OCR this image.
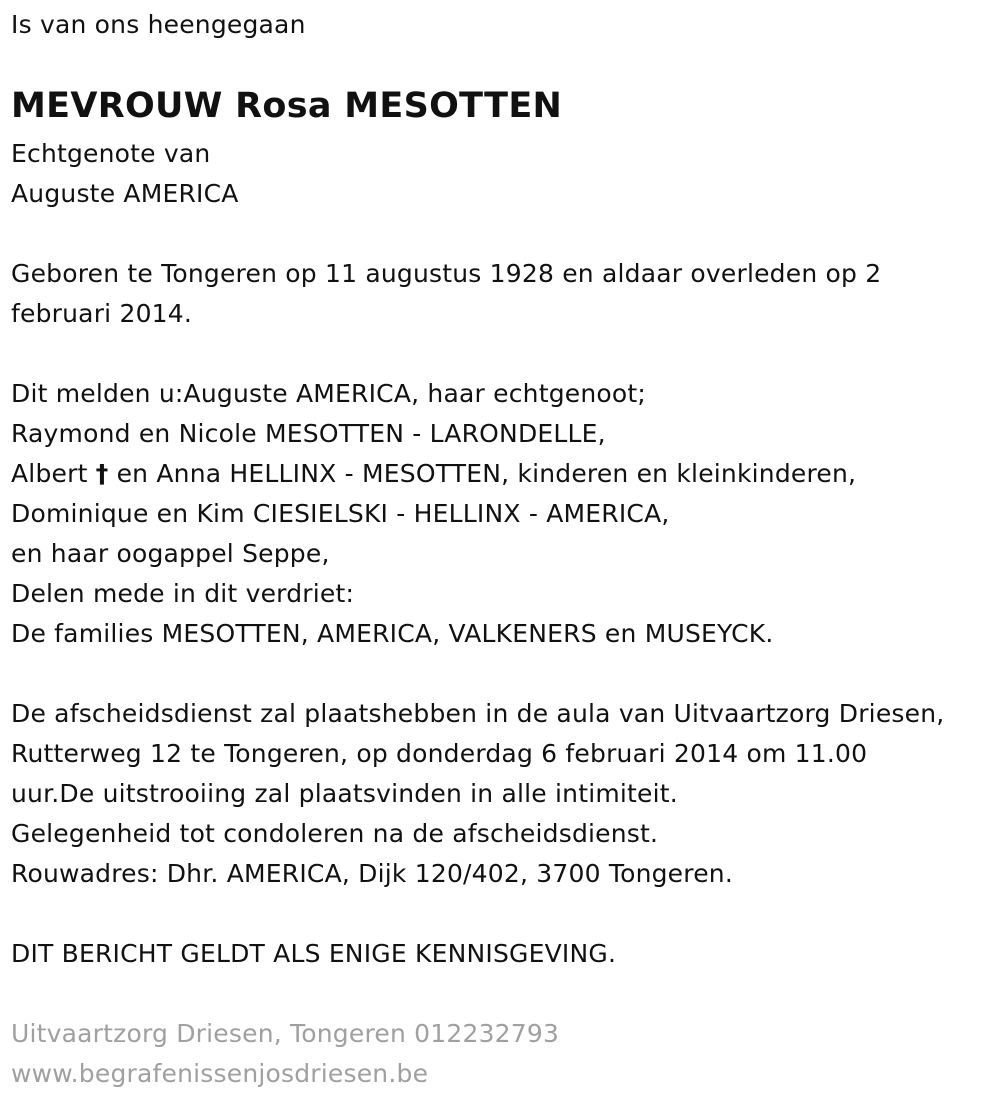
Is van ons heengegaan
MEVROUW Rosa MESOTTEN
Echtgenote van
Auguste AMERICA
Geboren te Tongeren op 11 augustus 1928 en aldaar overleden op 2
februari 2014.
Dit melden u:Auguste AMERICA, haar echtgenoot;
Raymond en Nicole MESOTTEN - LARONDELLE,
Albert † en Anna HELLINX - MESOTTEN, kinderen en kleinkinderen,
Dominique en Kim CIESIELSKI - HELLINX - AMERICA,
en haar oogappel Seppe,
Delen mede in dit verdriet:
De families MESOTTEN, AMERICA, VALKENERS en MUSEYCK.
De afscheidsdienst zal plaatshebben in de aula van Uitvaartzorg Driesen,
Rutterweg 12 te Tongeren, op donderdag 6 februari 2014 om 11.00
uur.De uitstrooiing zal plaatsvinden in alle intimiteit.
Gelegenheid tot condoleren na de afscheidsdienst.
Rouwadres: Dhr. AMERICA, Dijk 120/402, 3700 Tongeren.
DIT BERICHT GELDT ALS ENIGE KENNISGEVING.
Uitvaartzorg Driesen, Tongeren 012232793
www.begrafenissenjosdriesen.be
